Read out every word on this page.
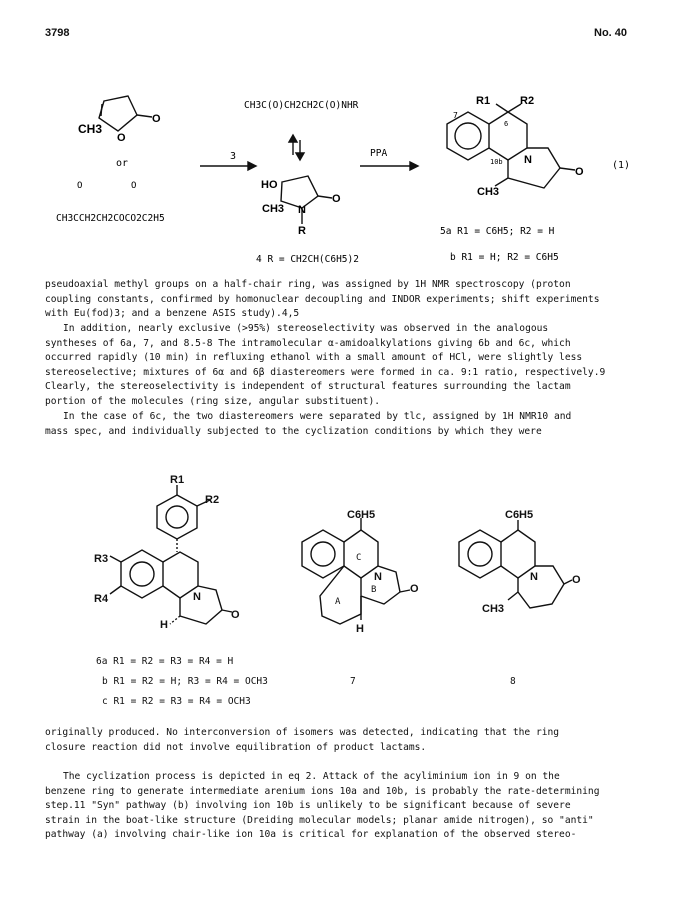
3798	No. 40
CH3
O
O
or
O	O
CH3CCH2CH2COCO2C2H5
3
CH3C(O)CH2CH2C(O)NHR
HO
CH3 N
O
R
4 R = CH2CH(C6H5)2
PPA
R1	R2
7
6
10b N
O
CH3
(1)
5a R1 = C6H5; R2 = H
b R1 = H; R2 = C6H5
pseudoaxial methyl groups on a half-chair ring, was assigned by 1H NMR spectroscopy (proton
coupling constants, confirmed by homonuclear decoupling and INDOR experiments; shift experiments
with Eu(fod)3; and a benzene ASIS study).4,5
In addition, nearly exclusive (>95%) stereoselectivity was observed in the analogous
syntheses of 6a, 7, and 8.5-8 The intramolecular α-amidoalkylations giving 6b and 6c, which
occurred rapidly (10 min) in refluxing ethanol with a small amount of HCl, were slightly less
stereoselective; mixtures of 6α and 6β diastereomers were formed in ca. 9:1 ratio, respectively.9
Clearly, the stereoselectivity is independent of structural features surrounding the lactam
portion of the molecules (ring size, angular substituent).
In the case of 6c, the two diastereomers were separated by tlc, assigned by 1H NMR10 and
mass spec, and individually subjected to the cyclization conditions by which they were
R1
R2
R3
R4	N
O
H
C6H5
C
B
A
N
O
H
C6H5
N	O
CH3
6a R1 = R2 = R3 = R4 = H
b R1 = R2 = H; R3 = R4 = OCH3
c R1 = R2 = R3 = R4 = OCH3
7	8
originally produced. No interconversion of isomers was detected, indicating that the ring
closure reaction did not involve equilibration of product lactams.
The cyclization process is depicted in eq 2. Attack of the acyliminium ion in 9 on the
benzene ring to generate intermediate arenium ions 10a and 10b, is probably the rate-determining
step.11 "Syn" pathway (b) involving ion 10b is unlikely to be significant because of severe
strain in the boat-like structure (Dreiding molecular models; planar amide nitrogen), so "anti"
pathway (a) involving chair-like ion 10a is critical for explanation of the observed stereo-
